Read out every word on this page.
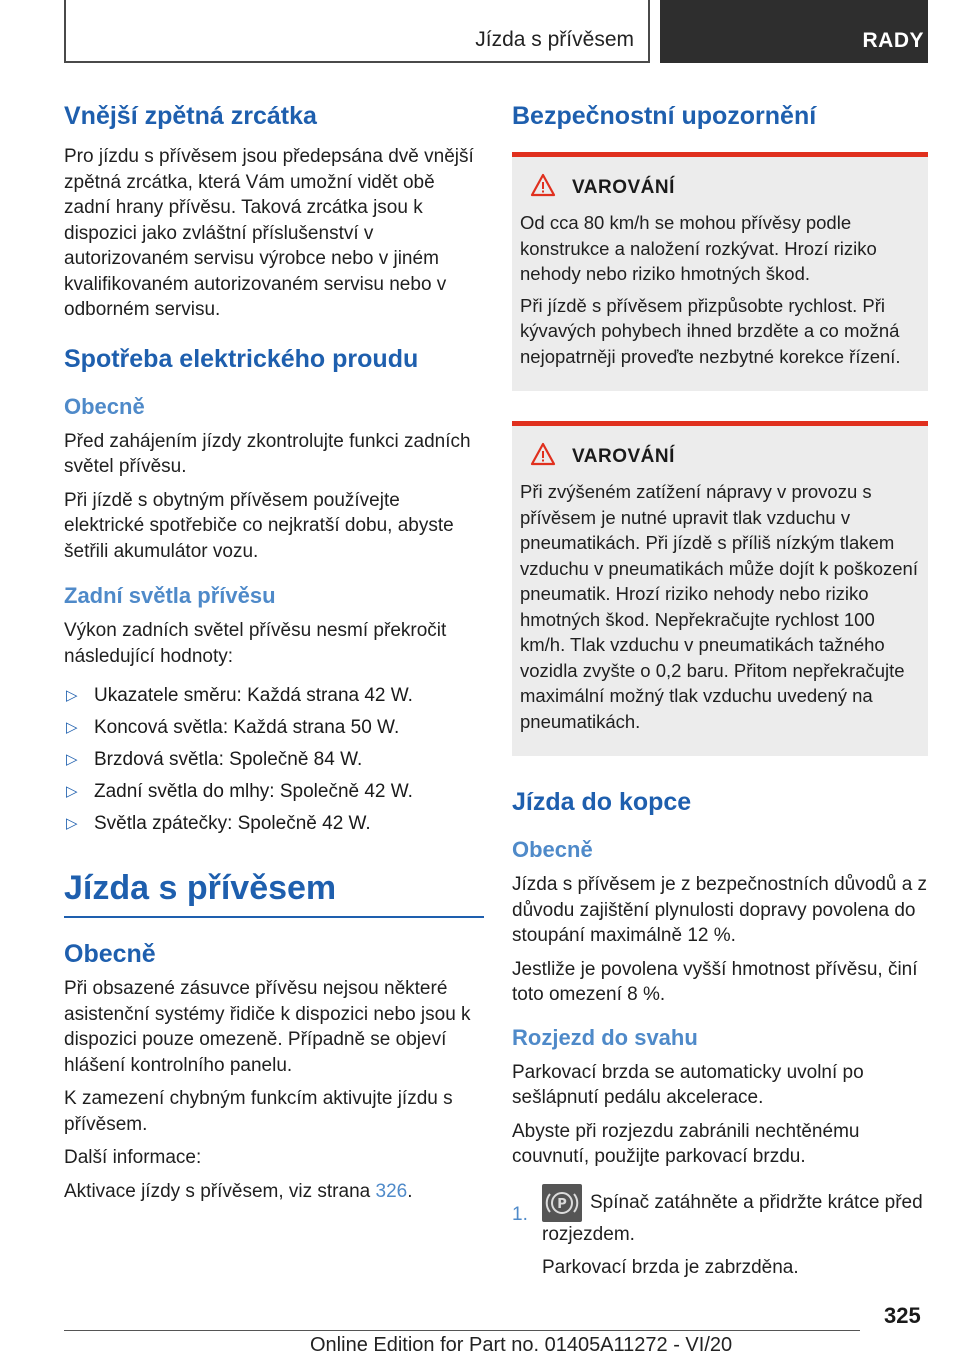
Jízda s přívěsem	RADY
Vnější zpětná zrcátka

Pro jízdu s přívěsem jsou předepsána dvě vnější zpětná zrcátka, která Vám umožní vidět obě zadní hrany přívěsu. Taková zrcátka jsou k dispozici jako zvláštní příslušenství v autorizovaném servisu výrobce nebo v jiném kvalifikovaném autorizovaném servisu nebo v odborném servisu.

Spotřeba elektrického proudu
Obecně

Před zahájením jízdy zkontrolujte funkci zadních světel přívěsu.

Při jízdě s obytným přívěsem používejte elektrické spotřebiče co nejkratší dobu, abyste šetřili akumulátor vozu.

Zadní světla přívěsu

Výkon zadních světel přívěsu nesmí překročit následující hodnoty:

▷ Ukazatele směru: Každá strana 42 W.
▷ Koncová světla: Každá strana 50 W.
▷ Brzdová světla: Společně 84 W.
▷ Zadní světla do mlhy: Společně 42 W.
▷ Světla zpátečky: Společně 42 W.
Jízda s přívěsem
Obecně

Při obsazené zásuvce přívěsu nejsou některé asistenční systémy řidiče k dispozici nebo jsou k dispozici pouze omezeně. Případně se objeví hlášení kontrolního panelu.

K zamezení chybným funkcím aktivujte jízdu s přívěsem.

Další informace:

Aktivace jízdy s přívěsem, viz strana 326.

Bezpečnostní upozornění
VAROVÁNÍ

Od cca 80 km/h se mohou přívěsy podle konstrukce a naložení rozkývat. Hrozí riziko nehody nebo riziko hmotných škod.

Při jízdě s přívěsem přizpůsobte rychlost. Při kývavých pohybech ihned brzděte a co možná nejopatrněji proveďte nezbytné korekce řízení.

VAROVÁNÍ

Při zvýšeném zatížení nápravy v provozu s přívěsem je nutné upravit tlak vzduchu v pneumatikách. Při jízdě s příliš nízkým tlakem vzduchu v pneumatikách může dojít k poškození pneumatik. Hrozí riziko nehody nebo riziko hmotných škod. Nepřekračujte rychlost 100 km/h. Tlak vzduchu v pneumatikách tažného vozidla zvyšte o 0,2 baru. Přitom nepřekračujte maximální možný tlak vzduchu uvedený na pneumatikách.

Jízda do kopce
Obecně

Jízda s přívěsem je z bezpečnostních důvodů a z důvodu zajištění plynulosti dopravy povolena do stoupání maximálně 12 %.

Jestliže je povolena vyšší hmotnost přívěsu, činí toto omezení 8 %.

Rozjezd do svahu

Parkovací brzda se automaticky uvolní po sešlápnutí pedálu akcelerace.

Abyste při rozjezdu zabránili nechtěnému couvnutí, použijte parkovací brzdu.

1. P Spínač zatáhněte a přidržte krátce před rozjezdem.

Parkovací brzda je zabrzděna.

325
Online Edition for Part no. 01405A11272 - VI/20
